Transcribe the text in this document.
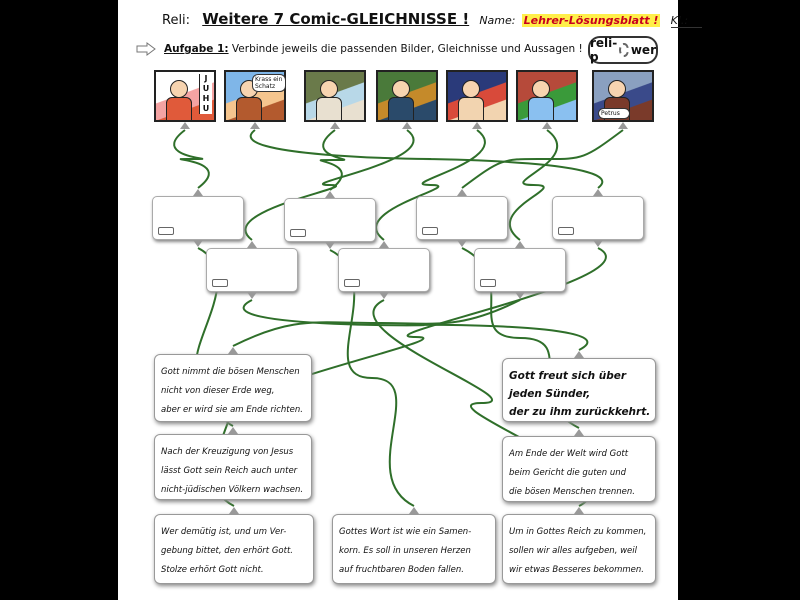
Reli: Weitere 7 Comic-GLEICHNISSE ! Name: Lehrer-Lösungsblatt ! Kl.:
Aufgabe 1: Verbinde jeweils die passenden Bilder, Gleichnisse und Aussagen ! reli-p	wer
J
U
H
U
Krass ein Schatz
Petrus
Gott nimmt die bösen Menschen
nicht von dieser Erde weg,
aber er wird sie am Ende richten.
Gott freut sich über
jeden Sünder,
der zu ihm zurückkehrt.
Nach der Kreuzigung von Jesus
lässt Gott sein Reich auch unter
nicht-jüdischen Völkern wachsen.
Am Ende der Welt wird Gott
beim Gericht die guten und
die bösen Menschen trennen.
Wer demütig ist, und um Ver-
gebung bittet, den erhört Gott.
Stolze erhört Gott nicht.
Gottes Wort ist wie ein Samen-
korn. Es soll in unseren Herzen
auf fruchtbaren Boden fallen.
Um in Gottes Reich zu kommen,
sollen wir alles aufgeben, weil
wir etwas Besseres bekommen.
